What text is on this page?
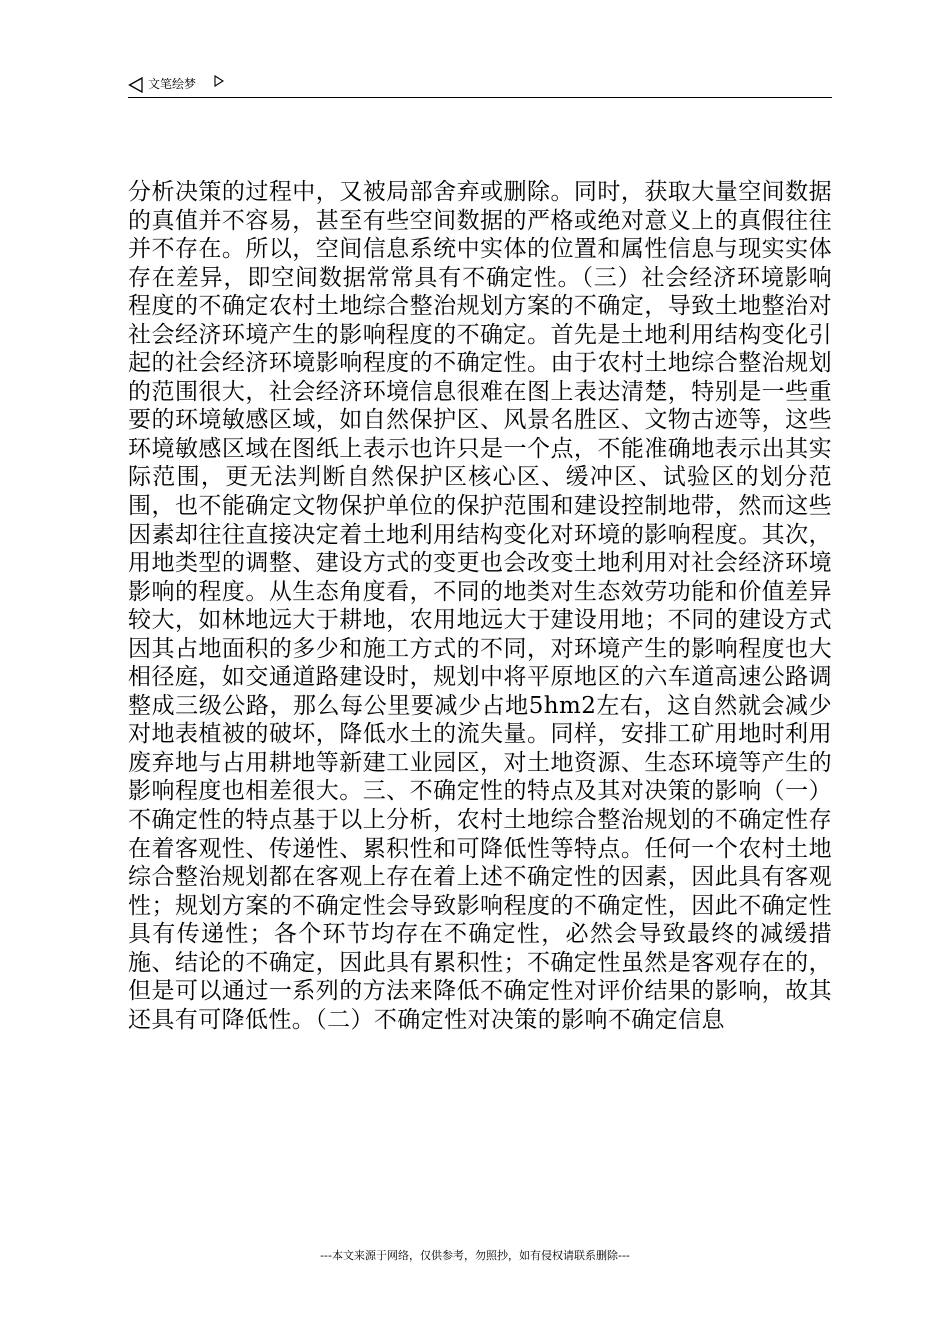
文笔绘梦

分析决策的过程中，又被局部舍弃或删除。同时，获取大量空间数据的真值并不容易，甚至有些空间数据的严格或绝对意义上的真假往往并不存在。所以，空间信息系统中实体的位置和属性信息与现实实体存在差异，即空间数据常常具有不确定性。（三）社会经济环境影响程度的不确定农村土地综合整治规划方案的不确定，导致土地整治对社会经济环境产生的影响程度的不确定。首先是土地利用结构变化引起的社会经济环境影响程度的不确定性。由于农村土地综合整治规划的范围很大，社会经济环境信息很难在图上表达清楚，特别是一些重要的环境敏感区域，如自然保护区、风景名胜区、文物古迹等，这些环境敏感区域在图纸上表示也许只是一个点，不能准确地表示出其实际范围，更无法判断自然保护区核心区、缓冲区、试验区的划分范围，也不能确定文物保护单位的保护范围和建设控制地带，然而这些因素却往往直接决定着土地利用结构变化对环境的影响程度。其次，用地类型的调整、建设方式的变更也会改变土地利用对社会经济环境影响的程度。从生态角度看，不同的地类对生态效劳功能和价值差异较大，如林地远大于耕地，农用地远大于建设用地；不同的建设方式因其占地面积的多少和施工方式的不同，对环境产生的影响程度也大相径庭，如交通道路建设时，规划中将平原地区的六车道高速公路调整成三级公路，那么每公里要减少占地5hm2左右，这自然就会减少对地表植被的破坏，降低水土的流失量。同样，安排工矿用地时利用废弃地与占用耕地等新建工业园区，对土地资源、生态环境等产生的影响程度也相差很大。三、不确定性的特点及其对决策的影响（一）不确定性的特点基于以上分析，农村土地综合整治规划的不确定性存在着客观性、传递性、累积性和可降低性等特点。任何一个农村土地综合整治规划都在客观上存在着上述不确定性的因素，因此具有客观性；规划方案的不确定性会导致影响程度的不确定性，因此不确定性具有传递性；各个环节均存在不确定性，必然会导致最终的减缓措施、结论的不确定，因此具有累积性；不确定性虽然是客观存在的，但是可以通过一系列的方法来降低不确定性对评价结果的影响，故其还具有可降低性。（二）不确定性对决策的影响不确定信息

---本文来源于网络，仅供参考，勿照抄，如有侵权请联系删除---
